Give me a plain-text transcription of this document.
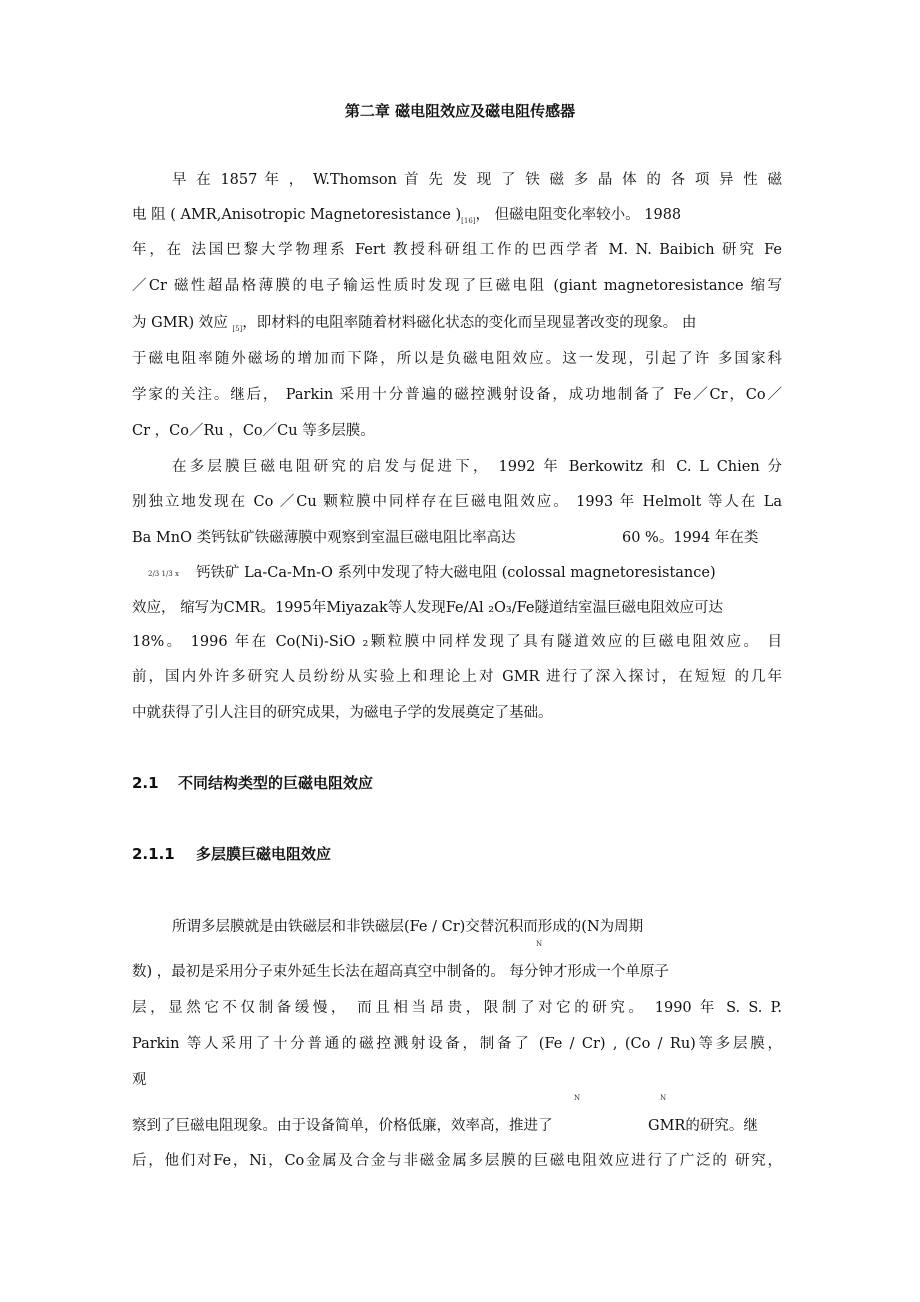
第二章 磁电阻效应及磁电阻传感器
早 在 1857 年 ， W.Thomson 首 先 发 现 了 铁 磁 多 晶 体 的 各 项 异 性 磁
电 阻 ( AMR,Anisotropic Magnetoresistance )$_{[16]}$， 但磁电阻变化率较小。 1988
年，在 法国巴黎大学物理系 Fert 教授科研组工作的巴西学者 M. N. Baibich 研究 Fe
／Cr 磁性超晶格薄膜的电子输运性质时发现了巨磁电阻 (giant magnetoresistance 缩写
为 GMR) 效应 $_{[5]}$，即材料的电阻率随着材料磁化状态的变化而呈现显著改变的现象。 由
于磁电阻率随外磁场的增加而下降，所以是负磁电阻效应。这一发现，引起了许 多国家科
学家的关注。继后， Parkin 采用十分普遍的磁控溅射设备，成功地制备了 Fe／Cr，Co／
Cr ，Co／Ru ，Co／Cu 等多层膜。
在多层膜巨磁电阻研究的启发与促进下， 1992 年 Berkowitz 和 C. L Chien 分
别独立地发现在 Co ／Cu 颗粒膜中同样存在巨磁电阻效应。 1993 年 Helmolt 等人在 La
Ba MnO 类钙钛矿铁磁薄膜中观察到室温巨磁电阻比率高达	60 %。1994 年在类
2/3 1/3 x 钙铁矿 La-Ca-Mn-O 系列中发现了特大磁电阻 (colossal magnetoresistance)
效应， 缩写为CMR。1995年Miyazak等人发现Fe/Al ₂O₃/Fe隧道结室温巨磁电阻效应可达
18%。 1996 年在 Co(Ni)-SiO ₂颗粒膜中同样发现了具有隧道效应的巨磁电阻效应。 目
前，国内外许多研究人员纷纷从实验上和理论上对 GMR 进行了深入探讨，在短短 的几年
中就获得了引人注目的研究成果，为磁电子学的发展奠定了基础。
2.1 不同结构类型的巨磁电阻效应
2.1.1 多层膜巨磁电阻效应
所谓多层膜就是由铁磁层和非铁磁层(Fe / Cr)交替沉积而形成的(N为周期
N
数) ，最初是采用分子束外延生长法在超高真空中制备的。 每分钟才形成一个单原子
层，显然它不仅制备缓慢， 而且相当昂贵，限制了对它的研究。 1990 年 S. S. P.
Parkin 等人采用了十分普通的磁控溅射设备，制备了 (Fe / Cr) , (Co / Ru)等多层膜，
观
N	N
察到了巨磁电阻现象。由于设备简单，价格低廉，效率高，推进了	GMR的研究。继
后，他们对Fe，Ni，Co金属及合金与非磁金属多层膜的巨磁电阻效应进行了广泛的 研究，
